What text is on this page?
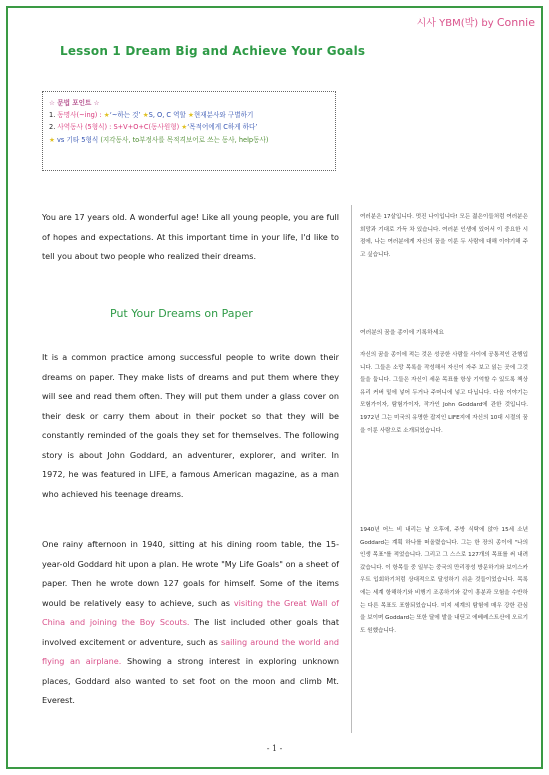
시사 YBM(박) by Connie
Lesson 1 Dream Big and Achieve Your Goals
☆ 문법 포인트 ☆
1. 동명사(~ing) : ★‘~하는 것’ ★S, O, C 역할 ★현재분사와 구별하기
2. 사역동사 (5형식) : S+V+O+C(동사원형) ★‘목적어에게 C하게 하다’
★ vs 기타 5형식 (지각동사, to부정사를 목적격보어로 쓰는 동사, help동사)
You are 17 years old. A wonderful age! Like all young people, you are full of hopes and expectations. At this important time in your life, I'd like to tell you about two people who realized their dreams.
Put Your Dreams on Paper
It is a common practice among successful people to write down their dreams on paper. They make lists of dreams and put them where they will see and read them often. They will put them under a glass cover on their desk or carry them about in their pocket so that they will be constantly reminded of the goals they set for themselves. The following story is about John Goddard, an adventurer, explorer, and writer. In 1972, he was featured in LIFE, a famous American magazine, as a man who achieved his teenage dreams.
One rainy afternoon in 1940, sitting at his dining room table, the 15-year-old Goddard hit upon a plan. He wrote "My Life Goals" on a sheet of paper. Then he wrote down 127 goals for himself. Some of the items would be relatively easy to achieve, such as visiting the Great Wall of China and joining the Boy Scouts. The list included other goals that involved excitement or adventure, such as sailing around the world and flying an airplane. Showing a strong interest in exploring unknown places, Goddard also wanted to set foot on the moon and climb Mt. Everest.
여러분은 17살입니다. 멋진 나이입니다! 모든 젊은이들처럼 여러분은 희망과 기대로 가득 차 있습니다. 여러분 인생에 있어서 이 중요한 시점에, 나는 여러분에게 자신의 꿈을 이룬 두 사람에 대해 이야기해 주고 싶습니다.
여러분의 꿈을 종이에 기록하세요
자신의 꿈을 종이에 적는 것은 성공한 사람들 사이에 공통적인 관행입니다. 그들은 소망 목록을 작성해서 자신이 자주 보고 읽는 곳에 그것들을 둡니다. 그들은 자신이 세운 목표를 항상 기억할 수 있도록 책상 유리 커버 밑에 넣어 두거나 주머니에 넣고 다닙니다. 다음 이야기는 모험가이자, 탐험가이자, 작가인 John Goddard에 관한 것입니다. 1972년 그는 미국의 유명한 잡지인 LIFE지에 자신의 10대 시절의 꿈을 이룬 사람으로 소개되었습니다.
1940년 어느 비 내리는 날 오후에, 주방 식탁에 앉아 15세 소년 Goddard는 계획 하나를 떠올렸습니다. 그는 한 장의 종이에 "나의 인생 목표"를 적었습니다. 그리고 그 스스로 127개의 목표를 써 내려갔습니다. 이 항목들 중 일부는 중국의 만리장성 방문하기와 보이스카우트 입회하기처럼 상대적으로 달성하기 쉬운 것들이었습니다. 목록에는 세계 항해하기와 비행기 조종하기와 같이 흥분과 모험을 수반하는 다른 목표도 포함되었습니다. 미지 세계의 탐험에 매우 강한 관심을 보이며 Goddard는 또한 달에 발을 내딛고 에베레스트산에 오르기도 원했습니다.
- 1 -
